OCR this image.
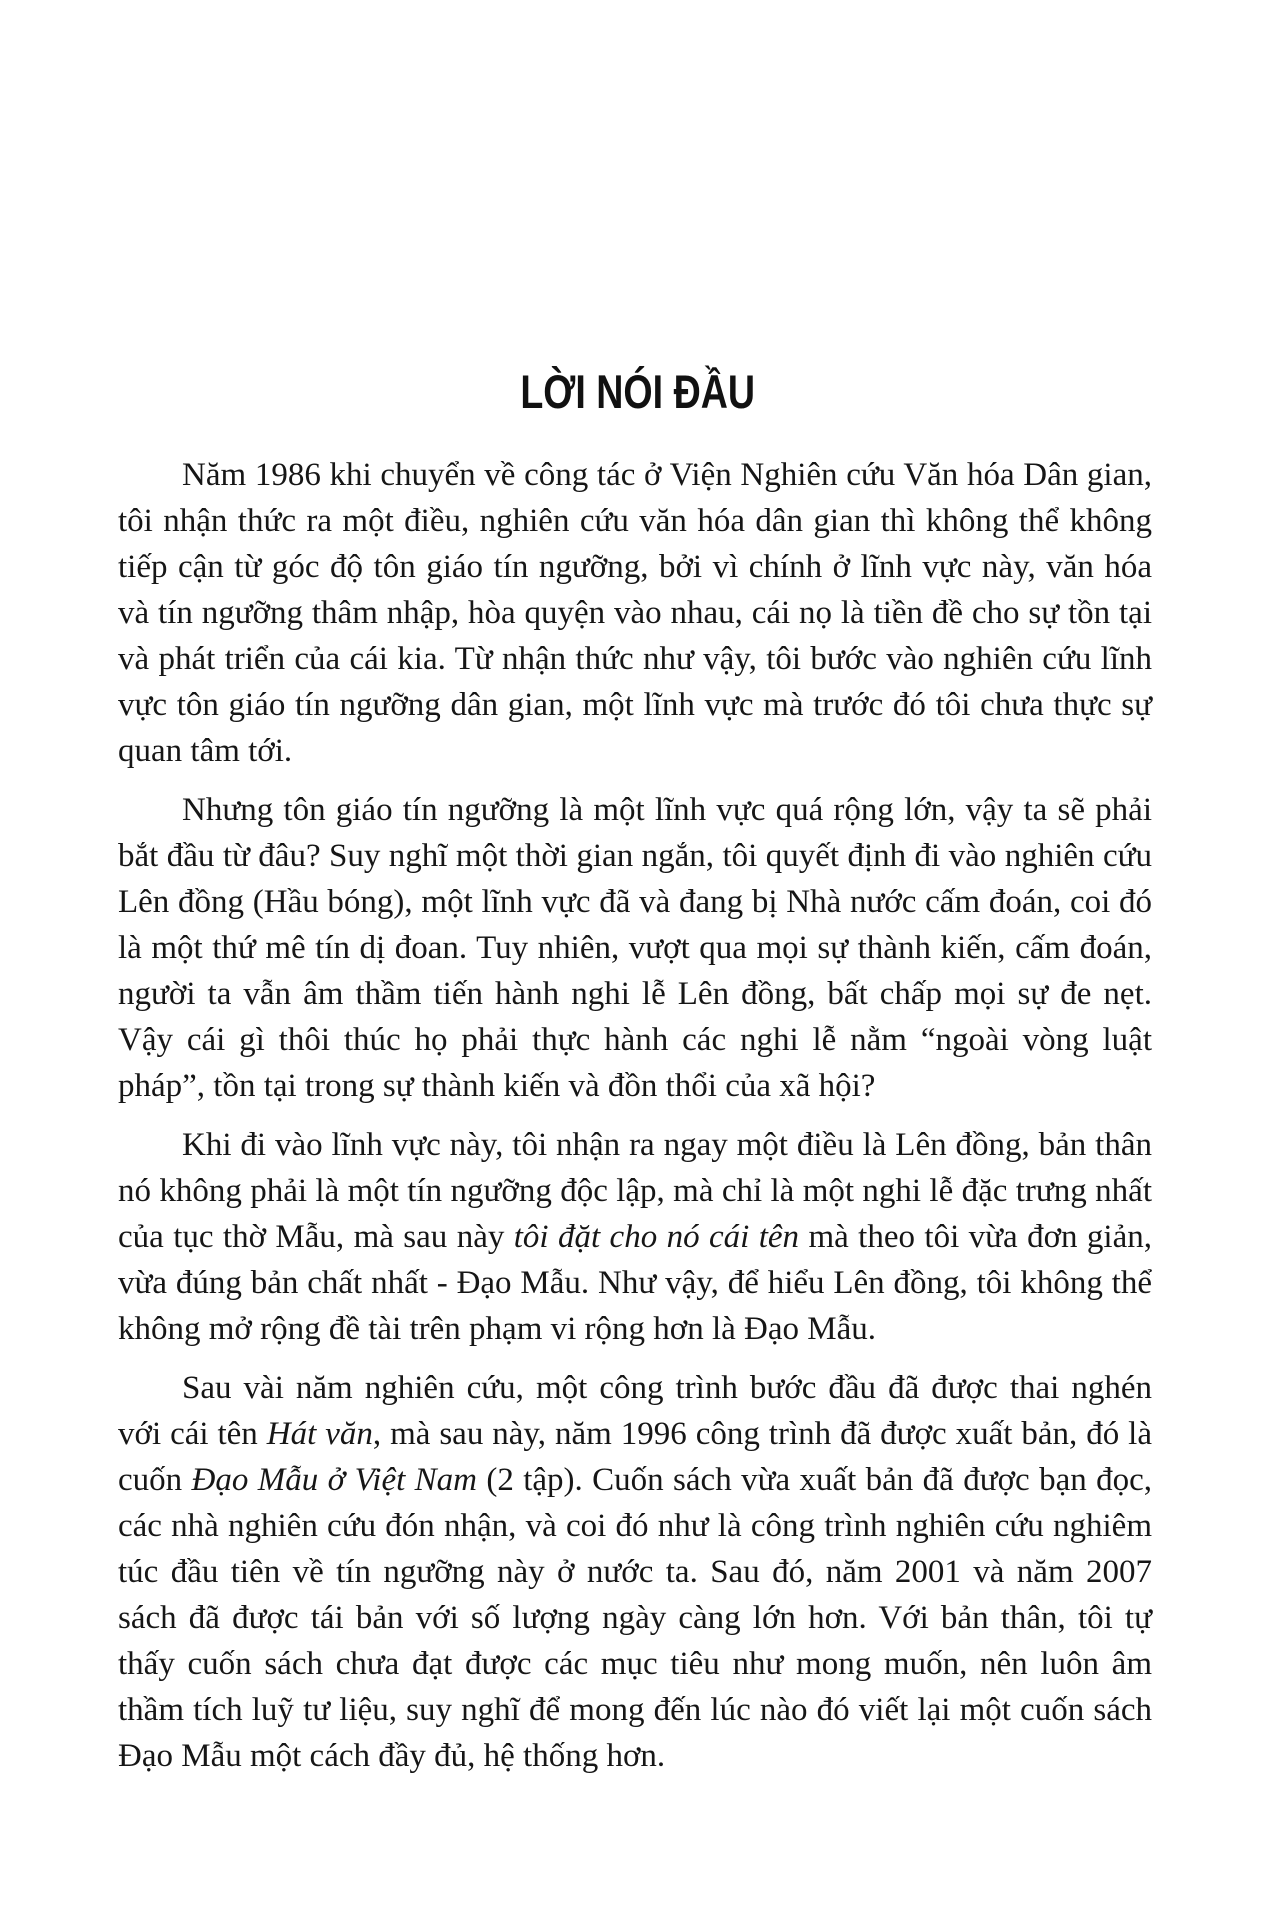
LỜI NÓI ĐẦU

Năm 1986 khi chuyển về công tác ở Viện Nghiên cứu Văn hóa Dân gian, tôi nhận thức ra một điều, nghiên cứu văn hóa dân gian thì không thể không tiếp cận từ góc độ tôn giáo tín ngưỡng, bởi vì chính ở lĩnh vực này, văn hóa và tín ngưỡng thâm nhập, hòa quyện vào nhau, cái nọ là tiền đề cho sự tồn tại và phát triển của cái kia. Từ nhận thức như vậy, tôi bước vào nghiên cứu lĩnh vực tôn giáo tín ngưỡng dân gian, một lĩnh vực mà trước đó tôi chưa thực sự quan tâm tới.

Nhưng tôn giáo tín ngưỡng là một lĩnh vực quá rộng lớn, vậy ta sẽ phải bắt đầu từ đâu? Suy nghĩ một thời gian ngắn, tôi quyết định đi vào nghiên cứu Lên đồng (Hầu bóng), một lĩnh vực đã và đang bị Nhà nước cấm đoán, coi đó là một thứ mê tín dị đoan. Tuy nhiên, vượt qua mọi sự thành kiến, cấm đoán, người ta vẫn âm thầm tiến hành nghi lễ Lên đồng, bất chấp mọi sự đe nẹt. Vậy cái gì thôi thúc họ phải thực hành các nghi lễ nằm “ngoài vòng luật pháp”, tồn tại trong sự thành kiến và đồn thổi của xã hội?

Khi đi vào lĩnh vực này, tôi nhận ra ngay một điều là Lên đồng, bản thân nó không phải là một tín ngưỡng độc lập, mà chỉ là một nghi lễ đặc trưng nhất của tục thờ Mẫu, mà sau này tôi đặt cho nó cái tên mà theo tôi vừa đơn giản, vừa đúng bản chất nhất - Đạo Mẫu. Như vậy, để hiểu Lên đồng, tôi không thể không mở rộng đề tài trên phạm vi rộng hơn là Đạo Mẫu.

Sau vài năm nghiên cứu, một công trình bước đầu đã được thai nghén với cái tên Hát văn, mà sau này, năm 1996 công trình đã được xuất bản, đó là cuốn Đạo Mẫu ở Việt Nam (2 tập). Cuốn sách vừa xuất bản đã được bạn đọc, các nhà nghiên cứu đón nhận, và coi đó như là công trình nghiên cứu nghiêm túc đầu tiên về tín ngưỡng này ở nước ta. Sau đó, năm 2001 và năm 2007 sách đã được tái bản với số lượng ngày càng lớn hơn. Với bản thân, tôi tự thấy cuốn sách chưa đạt được các mục tiêu như mong muốn, nên luôn âm thầm tích luỹ tư liệu, suy nghĩ để mong đến lúc nào đó viết lại một cuốn sách Đạo Mẫu một cách đầy đủ, hệ thống hơn.
